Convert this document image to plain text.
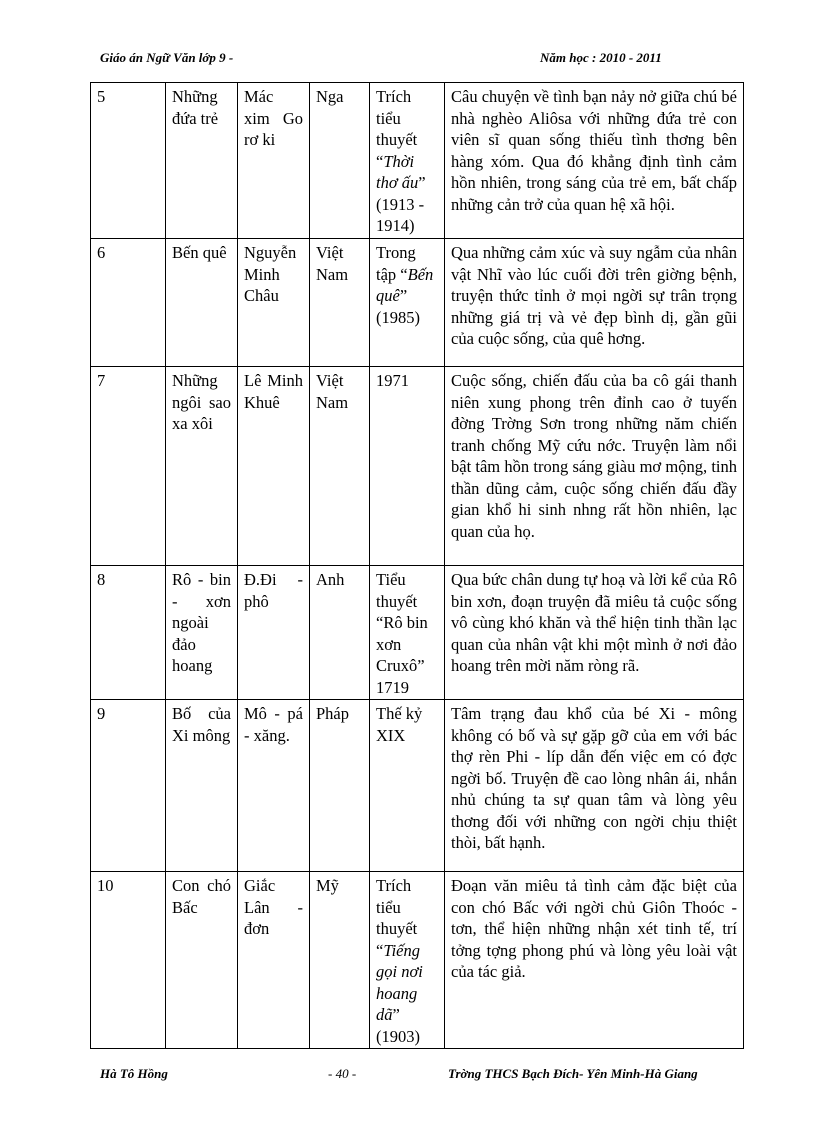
Giáo án Ngữ Văn lớp 9 -	Năm học : 2010 - 2011
5	Những đứa trẻ	Mác xim Go rơ ki	Nga	Trích tiểu thuyết “Thời thơ ấu” (1913 - 1914)	Câu chuyện về tình bạn nảy nở giữa chú bé nhà nghèo Aliôsa với những đứa trẻ con viên sĩ quan sống thiếu tình thơng bên hàng xóm. Qua đó khẳng định tình cảm hồn nhiên, trong sáng của trẻ em, bất chấp những cản trở của quan hệ xã hội.
6	Bến quê	Nguyễn Minh Châu	Việt Nam	Trong tập “Bến quê” (1985)	Qua những cảm xúc và suy ngẫm của nhân vật Nhĩ vào lúc cuối đời trên giờng bệnh, truyện thức tỉnh ở mọi ngời sự trân trọng những giá trị và vẻ đẹp bình dị, gần gũi của cuộc sống, của quê hơng.
7	Những ngôi sao xa xôi	Lê Minh Khuê	Việt Nam	1971	Cuộc sống, chiến đấu của ba cô gái thanh niên xung phong trên đỉnh cao ở tuyến đờng Trờng Sơn trong những năm chiến tranh chống Mỹ cứu nớc. Truyện làm nổi bật tâm hồn trong sáng giàu mơ mộng, tinh thần dũng cảm, cuộc sống chiến đấu đầy gian khổ hi sinh nhng rất hồn nhiên, lạc quan của họ.
8	Rô - bin - xơn ngoài đảo hoang	Đ.Đi - phô	Anh	Tiểu thuyết “Rô bin xơn Cruxô” 1719	Qua bức chân dung tự hoạ và lời kể của Rô bin xơn, đoạn truyện đã miêu tả cuộc sống vô cùng khó khăn và thể hiện tinh thần lạc quan của nhân vật khi một mình ở nơi đảo hoang trên mời năm ròng rã.
9	Bố của Xi mông	Mô - pá - xăng.	Pháp	Thế kỷ XIX	Tâm trạng đau khổ của bé Xi - mông không có bố và sự gặp gỡ của em với bác thợ rèn Phi - líp dẫn đến việc em có đợc ngời bố. Truyện đề cao lòng nhân ái, nhắn nhủ chúng ta sự quan tâm và lòng yêu thơng đối với những con ngời chịu thiệt thòi, bất hạnh.
10	Con chó Bấc	Giắc Lân - đơn	Mỹ	Trích tiểu thuyết “Tiếng gọi nơi hoang dã” (1903)	Đoạn văn miêu tả tình cảm đặc biệt của con chó Bấc với ngời chủ Giôn Thoóc - tơn, thể hiện những nhận xét tinh tế, trí tởng tợng phong phú và lòng yêu loài vật của tác giả.
Hà Tô Hồng	- 40 -	Trờng THCS Bạch Đích- Yên Minh-Hà Giang
